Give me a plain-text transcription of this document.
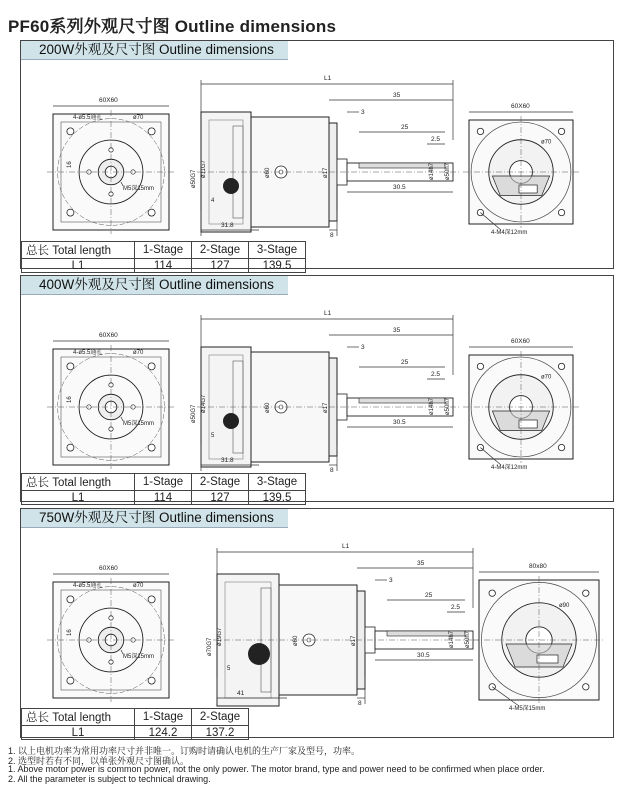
PF60系列外观尺寸图 Outline dimensions
200W外观及尺寸图 Outline dimensions
60X60
4-ø5.5通孔	ø70
16
M5深15mm
L1
35
3
25
2.5
30.5
31.8
8
ø50G7
ø11G7
4
ø60	ø17	ø14h7 ø50h7
60X60
ø70
4-M4深12mm
总长 Total length	1-Stage	2-Stage	3-Stage
L1	114	127	139.5
400W外观及尺寸图 Outline dimensions
60X60
4-ø5.5通孔	ø70
16
M5深15mm
L1
35
3
25
2.5
30.5
31.8
8
ø50G7
ø14G7
5
ø60	ø17	ø14h7 ø50h7
60X60
ø70
4-M4深12mm
总长 Total length	1-Stage	2-Stage	3-Stage
L1	114	127	139.5
750W外观及尺寸图 Outline dimensions
60X60
4-ø5.5通孔	ø70
16
M5深15mm
L1
35
3
25
2.5
30.5
41
8
ø70G7
ø19G7
5
ø60	ø17	ø14h7 ø50h7
80x80
ø90
4-M5深15mm
总长 Total length	1-Stage	2-Stage
L1	124.2	137.2
1. 以上电机功率为常用功率尺寸并非唯一。订购时请确认电机的生产厂家及型号，功率。
2. 选型时若有不同，以单张外观尺寸图确认。
1. Above motor power is common power, not the only power. The motor brand, type and power need to be confirmed when place order.
2. All the parameter is subject to technical drawing.
